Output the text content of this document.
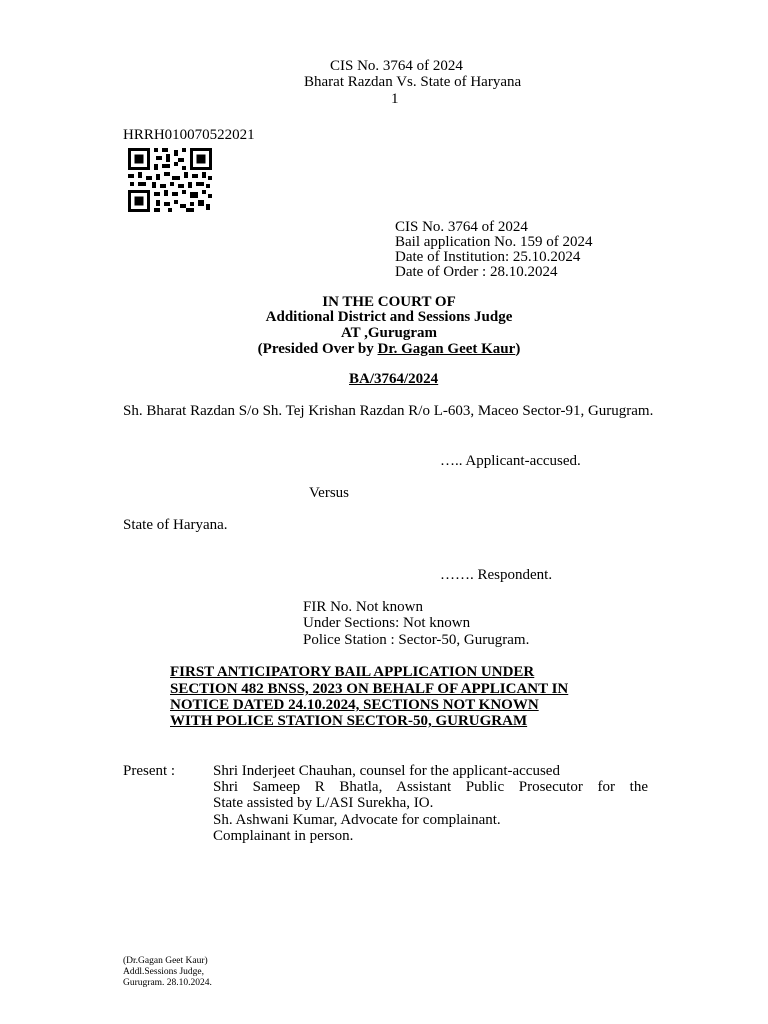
CIS No. 3764 of 2024
Bharat Razdan Vs. State of Haryana
1
HRRH010070522021
CIS No. 3764 of 2024
Bail application No. 159 of 2024
Date of Institution: 25.10.2024
Date of Order : 28.10.2024
IN THE COURT OF
Additional District and Sessions Judge
AT ,Gurugram
(Presided Over by Dr. Gagan Geet Kaur)
BA/3764/2024
Sh. Bharat Razdan S/o Sh. Tej Krishan Razdan R/o L-603, Maceo Sector-91, Gurugram.
….. Applicant-accused.
Versus
State of Haryana.
……. Respondent.
FIR No. Not known
Under Sections: Not known
Police Station : Sector-50, Gurugram.
FIRST ANTICIPATORY BAIL APPLICATION UNDER
SECTION 482 BNSS, 2023 ON BEHALF OF APPLICANT IN
NOTICE DATED 24.10.2024, SECTIONS NOT KNOWN
WITH POLICE STATION SECTOR-50, GURUGRAM
Present :	Shri Inderjeet Chauhan, counsel for the applicant-accused
Shri Sameep R Bhatla, Assistant Public Prosecutor for the
State assisted by L/ASI Surekha, IO.
Sh. Ashwani Kumar, Advocate for complainant.
Complainant in person.
(Dr.Gagan Geet Kaur)
Addl.Sessions Judge,
Gurugram. 28.10.2024.
